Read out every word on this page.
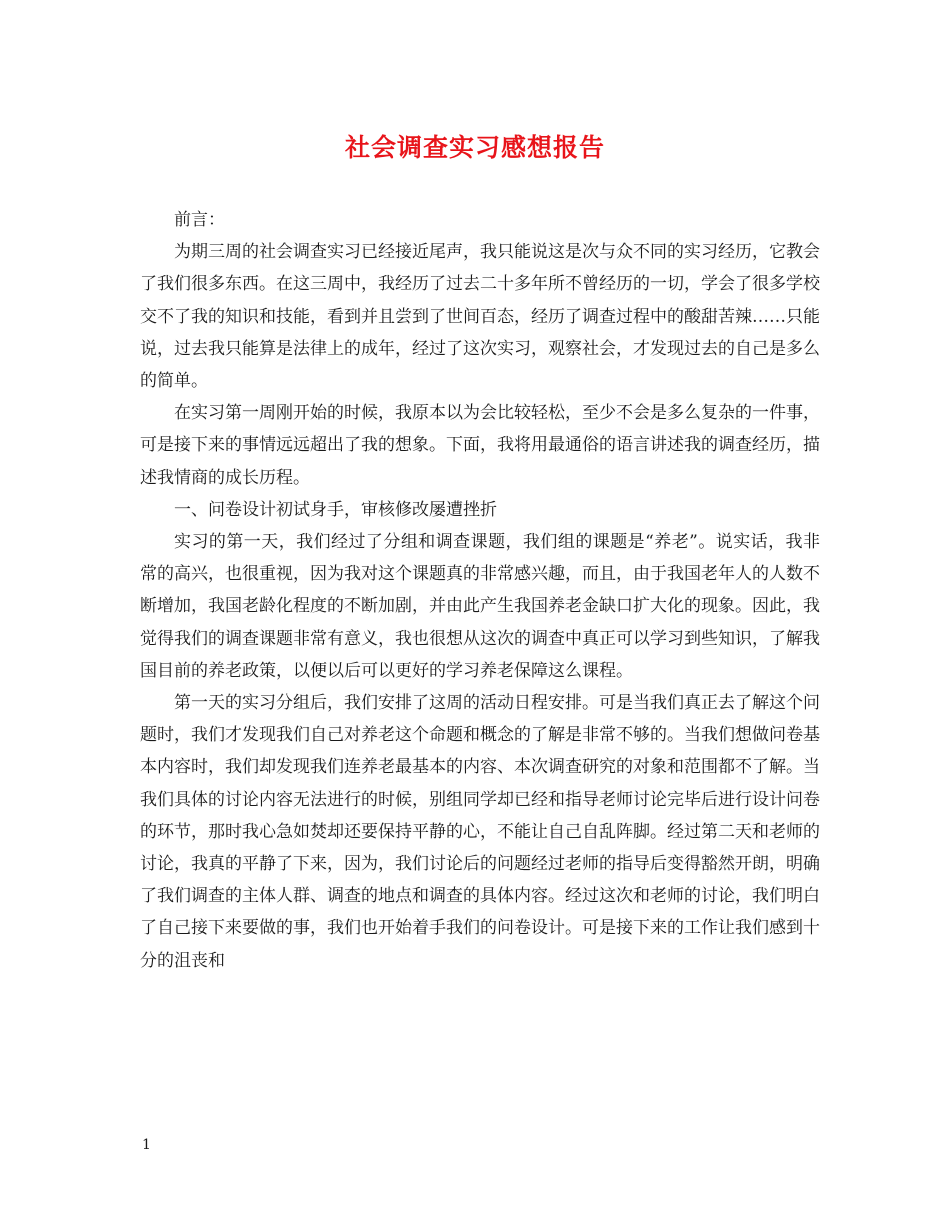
社会调查实习感想报告

前言：

为期三周的社会调查实习已经接近尾声，我只能说这是次与众不同的实习经历，它教会了我们很多东西。在这三周中，我经历了过去二十多年所不曾经历的一切，学会了很多学校交不了我的知识和技能，看到并且尝到了世间百态，经历了调查过程中的酸甜苦辣……只能说，过去我只能算是法律上的成年，经过了这次实习，观察社会，才发现过去的自己是多么的简单。

在实习第一周刚开始的时候，我原本以为会比较轻松，至少不会是多么复杂的一件事，可是接下来的事情远远超出了我的想象。下面，我将用最通俗的语言讲述我的调查经历，描述我情商的成长历程。

一、问卷设计初试身手，审核修改屡遭挫折

实习的第一天，我们经过了分组和调查课题，我们组的课题是“养老”。说实话，我非常的高兴，也很重视，因为我对这个课题真的非常感兴趣，而且，由于我国老年人的人数不断增加，我国老龄化程度的不断加剧，并由此产生我国养老金缺口扩大化的现象。因此，我觉得我们的调查课题非常有意义，我也很想从这次的调查中真正可以学习到些知识，了解我国目前的养老政策，以便以后可以更好的学习养老保障这么课程。

第一天的实习分组后，我们安排了这周的活动日程安排。可是当我们真正去了解这个问题时，我们才发现我们自己对养老这个命题和概念的了解是非常不够的。当我们想做问卷基本内容时，我们却发现我们连养老最基本的内容、本次调查研究的对象和范围都不了解。当我们具体的讨论内容无法进行的时候，别组同学却已经和指导老师讨论完毕后进行设计问卷的环节，那时我心急如焚却还要保持平静的心，不能让自己自乱阵脚。经过第二天和老师的讨论，我真的平静了下来，因为，我们讨论后的问题经过老师的指导后变得豁然开朗，明确了我们调查的主体人群、调查的地点和调查的具体内容。经过这次和老师的讨论，我们明白了自己接下来要做的事，我们也开始着手我们的问卷设计。可是接下来的工作让我们感到十分的沮丧和

1
